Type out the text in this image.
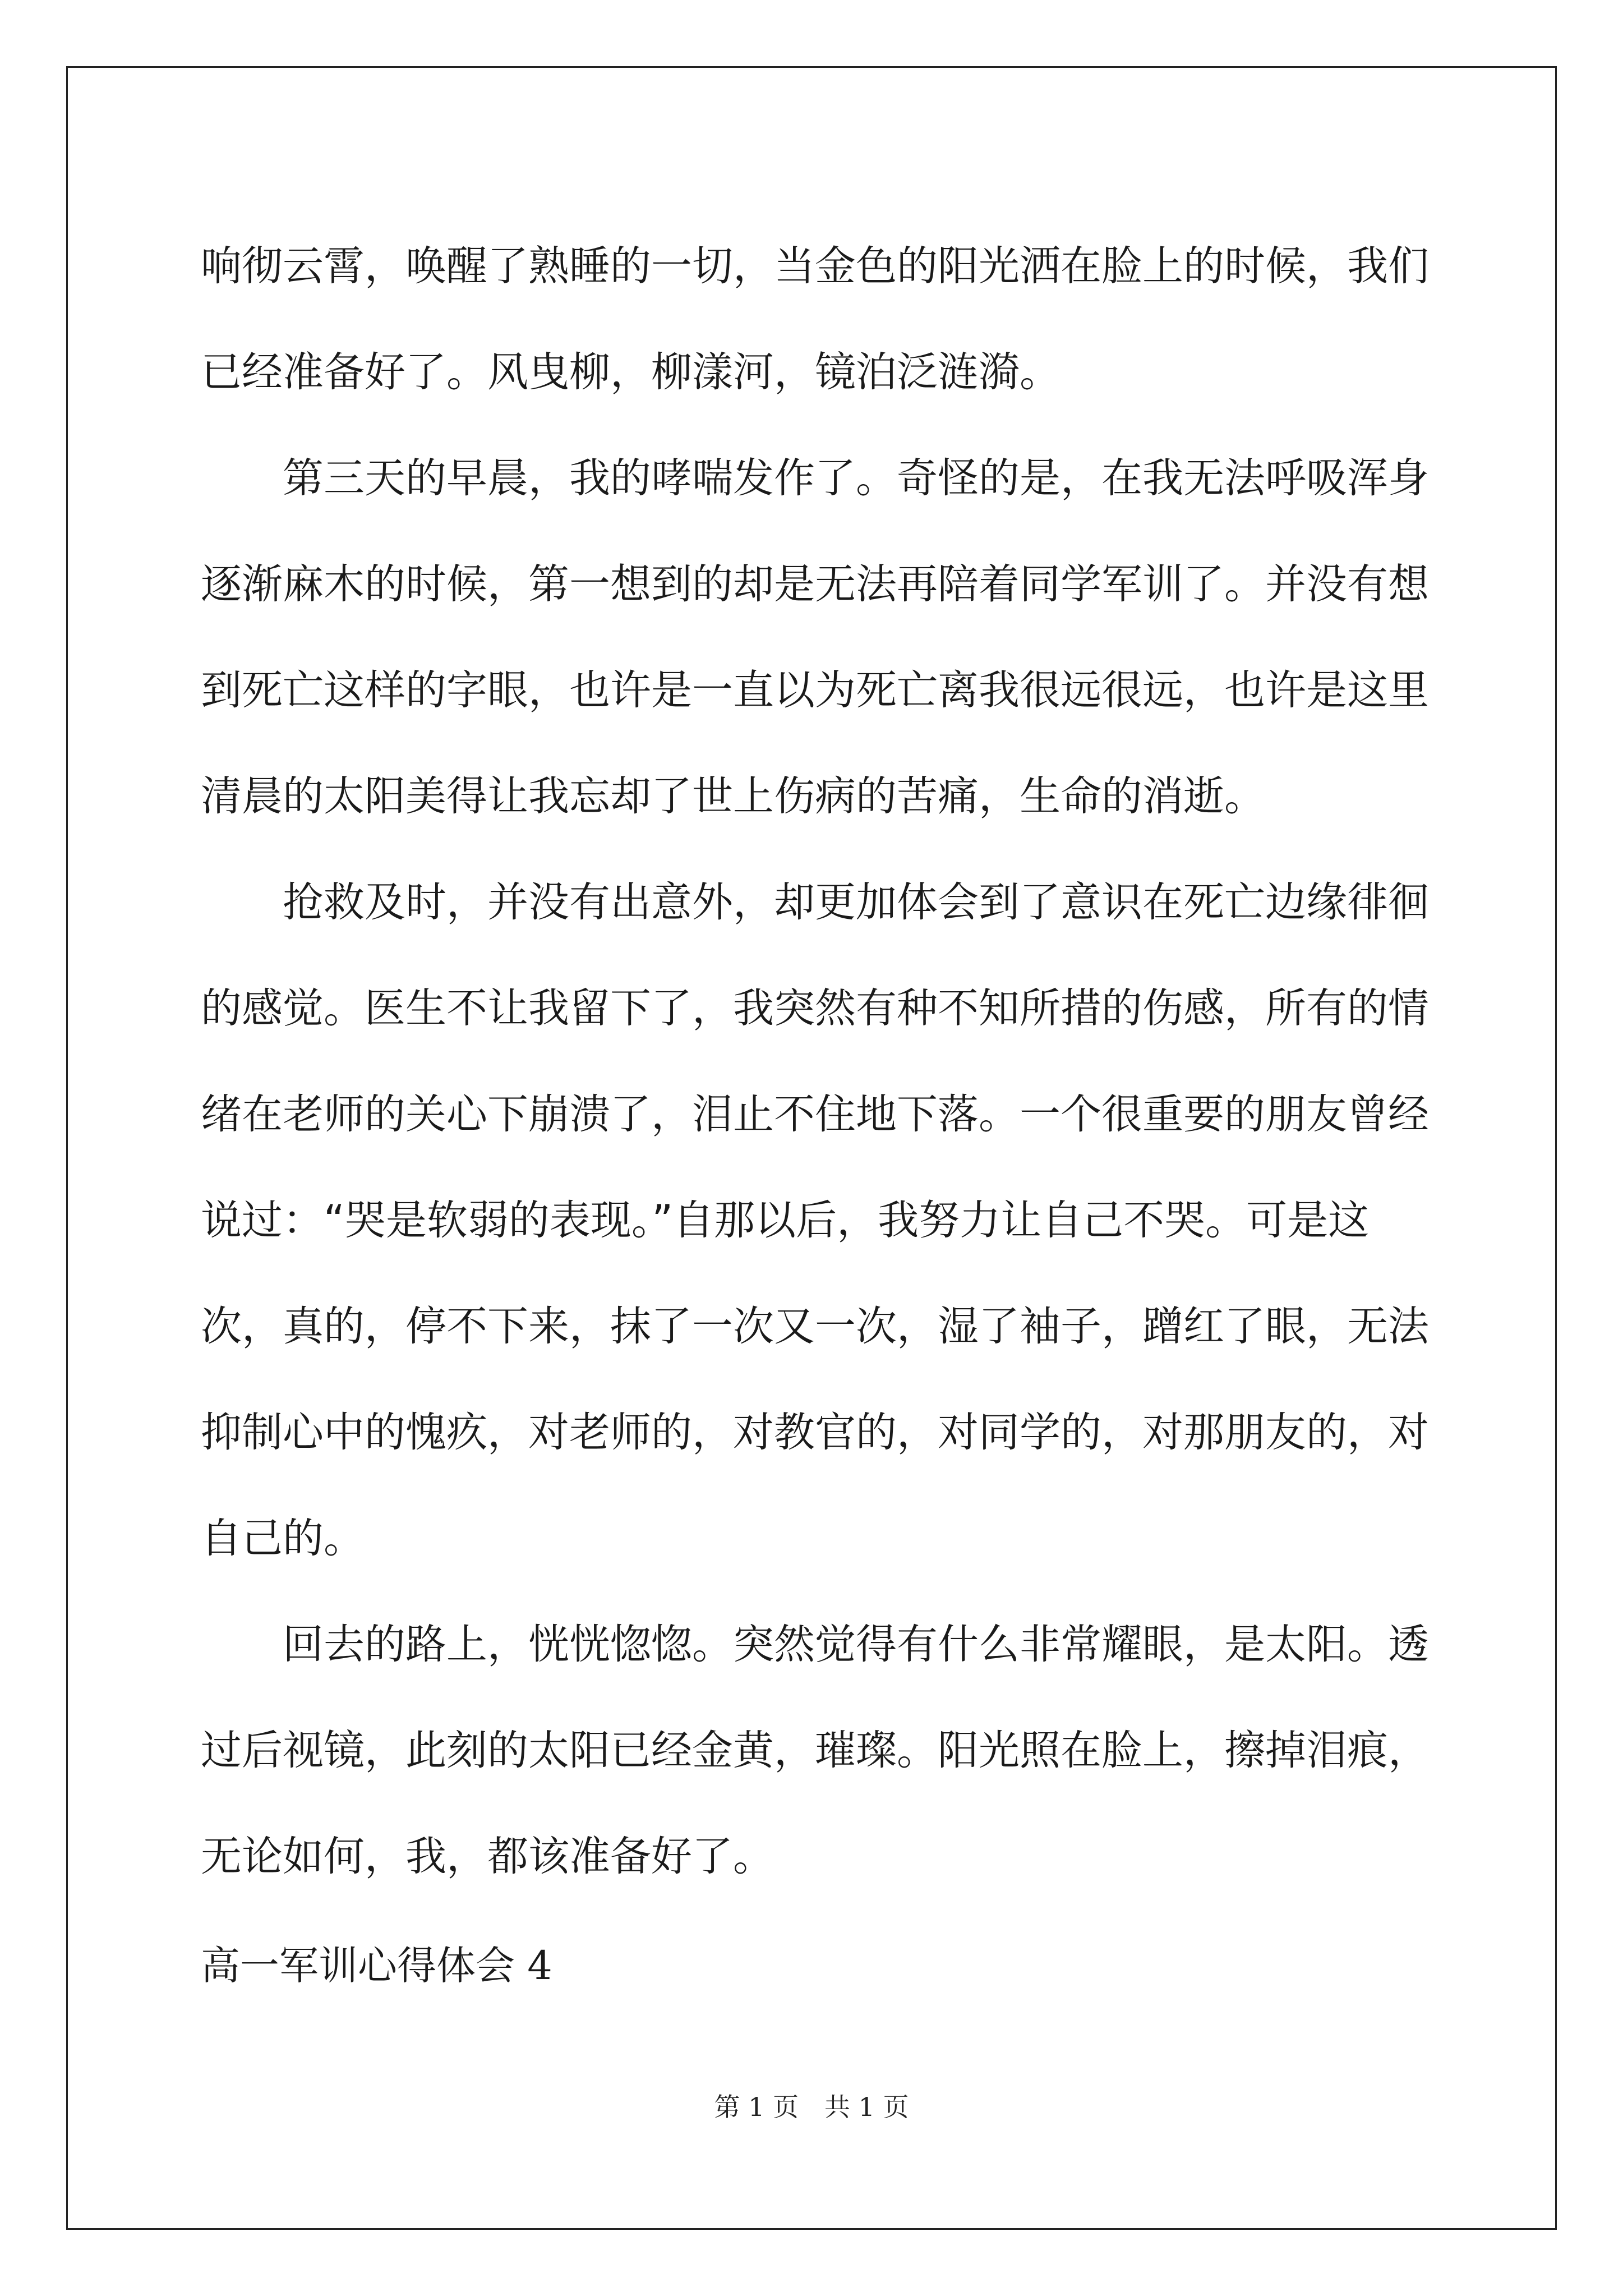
响彻云霄，唤醒了熟睡的一切，当金色的阳光洒在脸上的时候，我们
已经准备好了。风曳柳，柳漾河，镜泊泛涟漪。
第三天的早晨，我的哮喘发作了。奇怪的是，在我无法呼吸浑身
逐渐麻木的时候，第一想到的却是无法再陪着同学军训了。并没有想
到死亡这样的字眼，也许是一直以为死亡离我很远很远，也许是这里
清晨的太阳美得让我忘却了世上伤病的苦痛，生命的消逝。
抢救及时，并没有出意外，却更加体会到了意识在死亡边缘徘徊
的感觉。医生不让我留下了，我突然有种不知所措的伤感，所有的情
绪在老师的关心下崩溃了，泪止不住地下落。一个很重要的朋友曾经
说过：“哭是软弱的表现。”自那以后，我努力让自己不哭。可是这
次，真的，停不下来，抹了一次又一次，湿了袖子，蹭红了眼，无法
抑制心中的愧疚，对老师的，对教官的，对同学的，对那朋友的，对
自己的。
回去的路上，恍恍惚惚。突然觉得有什么非常耀眼，是太阳。透
过后视镜，此刻的太阳已经金黄，璀璨。阳光照在脸上，擦掉泪痕，
无论如何，我，都该准备好了。
高一军训心得体会 4
第 1 页　共 1 页
